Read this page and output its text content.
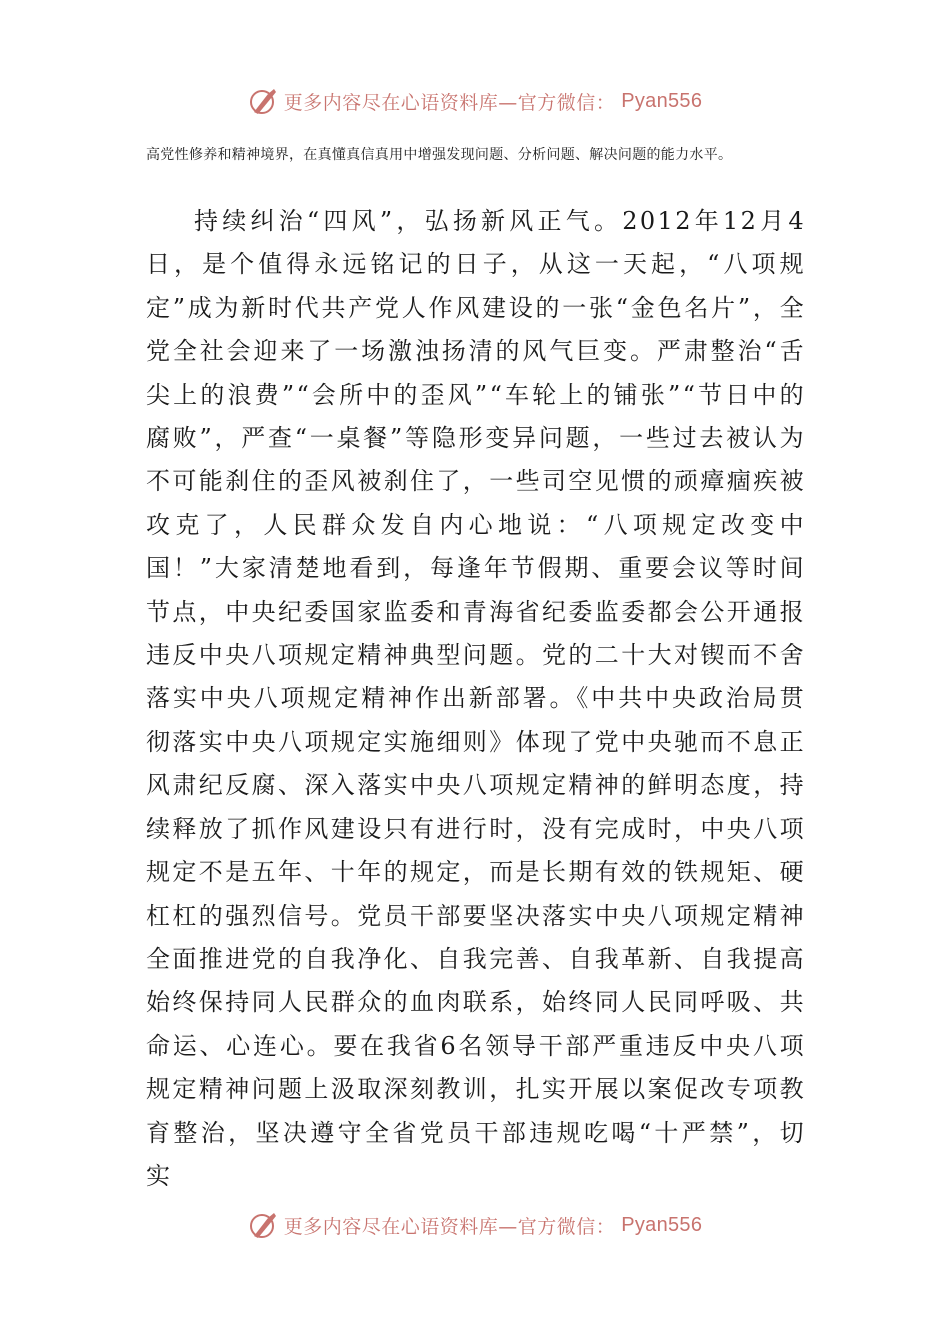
更多内容尽在心语资料库—官方微信： Pyan556

高党性修养和精神境界，在真懂真信真用中增强发现问题、分析问题、解决问题的能力水平。

持续纠治“四风”，弘扬新风正气。2012年12月4日，是个值得永远铭记的日子，从这一天起，“八项规定”成为新时代共产党人作风建设的一张“金色名片”，全党全社会迎来了一场激浊扬清的风气巨变。严肃整治“舌尖上的浪费”“会所中的歪风”“车轮上的铺张”“节日中的腐败”，严查“一桌餐”等隐形变异问题，一些过去被认为不可能刹住的歪风被刹住了，一些司空见惯的顽瘴痼疾被攻克了，人民群众发自内心地说：“八项规定改变中国！”大家清楚地看到，每逢年节假期、重要会议等时间节点，中央纪委国家监委和青海省纪委监委都会公开通报违反中央八项规定精神典型问题。党的二十大对锲而不舍落实中央八项规定精神作出新部署。《中共中央政治局贯彻落实中央八项规定实施细则》体现了党中央驰而不息正风肃纪反腐、深入落实中央八项规定精神的鲜明态度，持续释放了抓作风建设只有进行时，没有完成时，中央八项规定不是五年、十年的规定，而是长期有效的铁规矩、硬杠杠的强烈信号。党员干部要坚决落实中央八项规定精神全面推进党的自我净化、自我完善、自我革新、自我提高始终保持同人民群众的血肉联系，始终同人民同呼吸、共命运、心连心。要在我省6名领导干部严重违反中央八项规定精神问题上汲取深刻教训，扎实开展以案促改专项教育整治，坚决遵守全省党员干部违规吃喝“十严禁”，切实

更多内容尽在心语资料库—官方微信： Pyan556
